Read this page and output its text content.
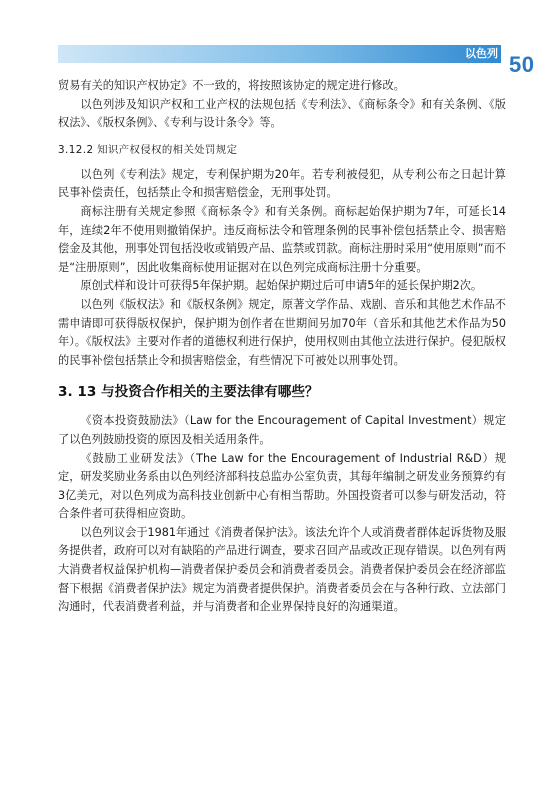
以色列 50

贸易有关的知识产权协定》不一致的，将按照该协定的规定进行修改。

以色列涉及知识产权和工业产权的法规包括《专利法》、《商标条令》和有关条例、《版权法》、《版权条例》、《专利与设计条令》等。

3.12.2 知识产权侵权的相关处罚规定

以色列《专利法》规定，专利保护期为20年。若专利被侵犯，从专利公布之日起计算民事补偿责任，包括禁止令和损害赔偿金，无刑事处罚。

商标注册有关规定参照《商标条令》和有关条例。商标起始保护期为7年，可延长14年，连续2年不使用则撤销保护。违反商标法令和管理条例的民事补偿包括禁止令、损害赔偿金及其他，刑事处罚包括没收或销毁产品、监禁或罚款。商标注册时采用“使用原则”而不是“注册原则”，因此收集商标使用证据对在以色列完成商标注册十分重要。

原创式样和设计可获得5年保护期。起始保护期过后可申请5年的延长保护期2次。

以色列《版权法》和《版权条例》规定，原著文学作品、戏剧、音乐和其他艺术作品不需申请即可获得版权保护，保护期为创作者在世期间另加70年（音乐和其他艺术作品为50年）。《版权法》主要对作者的道德权利进行保护，使用权则由其他立法进行保护。侵犯版权的民事补偿包括禁止令和损害赔偿金，有些情况下可被处以刑事处罚。

3. 13 与投资合作相关的主要法律有哪些？

《资本投资鼓励法》（Law for the Encouragement of Capital Investment）规定了以色列鼓励投资的原因及相关适用条件。

《鼓励工业研发法》（The Law for the Encouragement of Industrial R&D）规定，研发奖励业务系由以色列经济部科技总监办公室负责，其每年编制之研发业务预算约有3亿美元，对以色列成为高科技业创新中心有相当帮助。外国投资者可以参与研发活动，符合条件者可获得相应资助。

以色列议会于1981年通过《消费者保护法》。该法允许个人或消费者群体起诉货物及服务提供者，政府可以对有缺陷的产品进行调查，要求召回产品或改正现存错误。以色列有两大消费者权益保护机构—消费者保护委员会和消费者委员会。消费者保护委员会在经济部监督下根据《消费者保护法》规定为消费者提供保护。消费者委员会在与各种行政、立法部门沟通时，代表消费者利益，并与消费者和企业界保持良好的沟通渠道。
